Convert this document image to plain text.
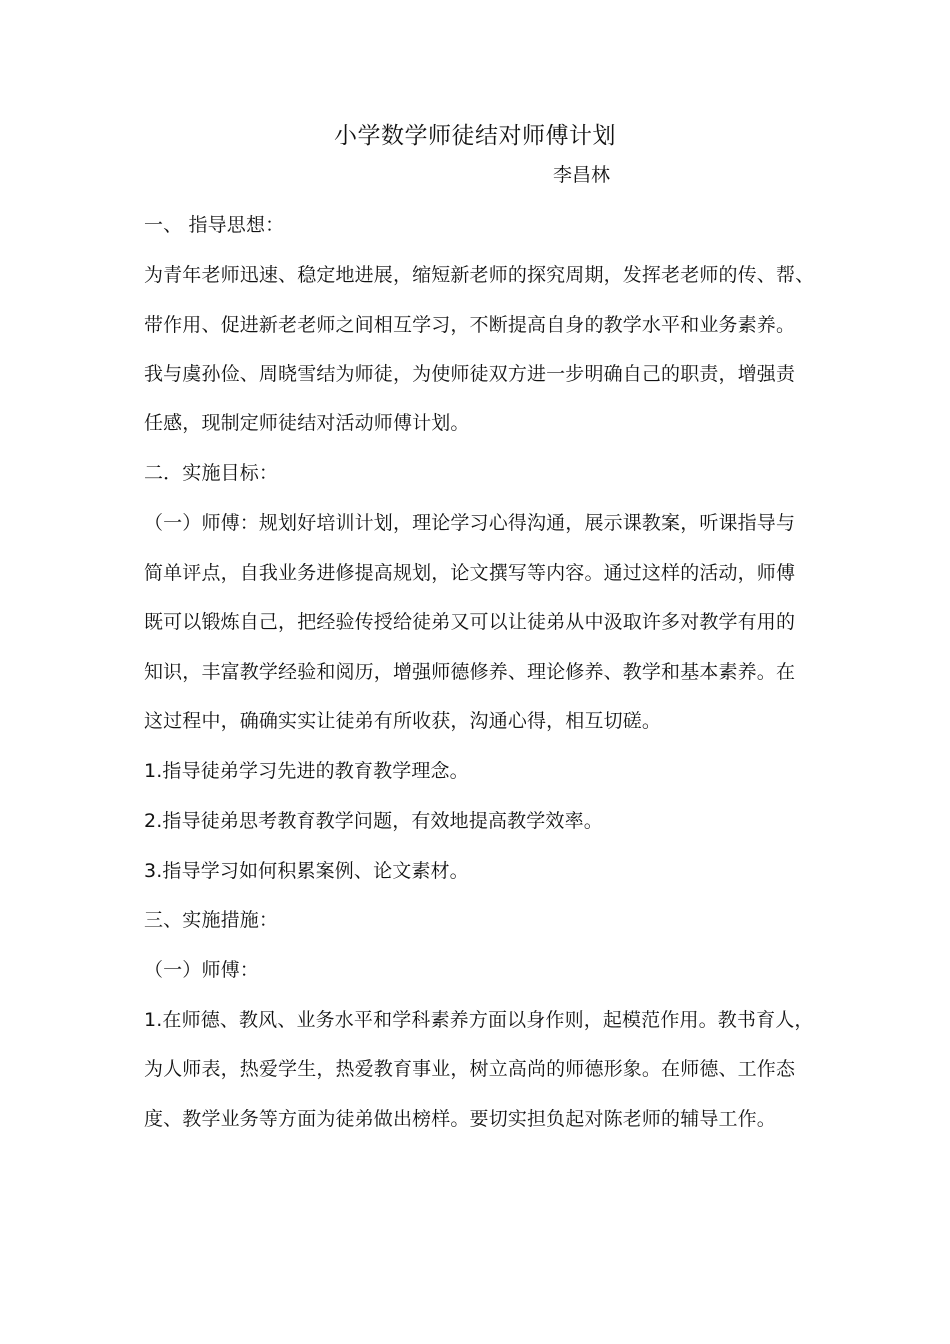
小学数学师徒结对师傅计划
李昌林
一、 指导思想：
为青年老师迅速、稳定地进展，缩短新老师的探究周期，发挥老老师的传、帮、
带作用、促进新老老师之间相互学习，不断提高自身的教学水平和业务素养。
我与虞孙俭、周晓雪结为师徒，为使师徒双方进一步明确自己的职责，增强责
任感，现制定师徒结对活动师傅计划。
二．实施目标：
（一）师傅：规划好培训计划，理论学习心得沟通，展示课教案，听课指导与
简单评点，自我业务进修提高规划，论文撰写等内容。通过这样的活动，师傅
既可以锻炼自己，把经验传授给徒弟又可以让徒弟从中汲取许多对教学有用的
知识，丰富教学经验和阅历，增强师德修养、理论修养、教学和基本素养。在
这过程中，确确实实让徒弟有所收获，沟通心得，相互切磋。
1.指导徒弟学习先进的教育教学理念。
2.指导徒弟思考教育教学问题，有效地提高教学效率。
3.指导学习如何积累案例、论文素材。
三、实施措施：
（一）师傅：
1.在师德、教风、业务水平和学科素养方面以身作则，起模范作用。教书育人，
为人师表，热爱学生，热爱教育事业，树立高尚的师德形象。在师德、工作态
度、教学业务等方面为徒弟做出榜样。要切实担负起对陈老师的辅导工作。
